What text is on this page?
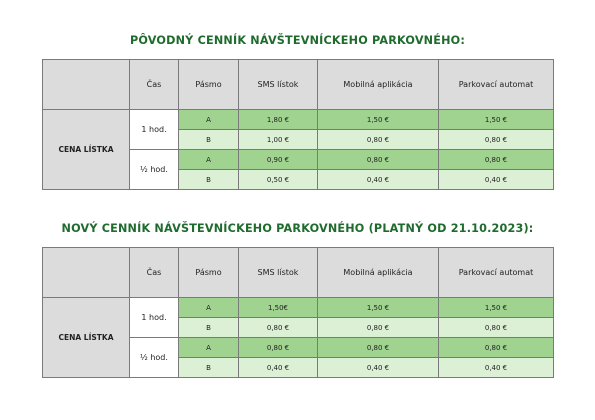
PÔVODNÝ CENNÍK NÁVŠTEVNÍCKEHO PARKOVNÉHO:
	Čas	Pásmo	SMS lístok	Mobilná aplikácia	Parkovací automat
CENA LÍSTKA	1 hod.	A	1,80 €	1,50 €	1,50 €
		B	1,00 €	0,80 €	0,80 €
	½ hod.	A	0,90 €	0,80 €	0,80 €
		B	0,50 €	0,40 €	0,40 €
NOVÝ CENNÍK NÁVŠTEVNÍCKEHO PARKOVNÉHO (PLATNÝ OD 21.10.2023):
	Čas	Pásmo	SMS lístok	Mobilná aplikácia	Parkovací automat
CENA LÍSTKA	1 hod.	A	1,50€	1,50 €	1,50 €
		B	0,80 €	0,80 €	0,80 €
	½ hod.	A	0,80 €	0,80 €	0,80 €
		B	0,40 €	0,40 €	0,40 €
